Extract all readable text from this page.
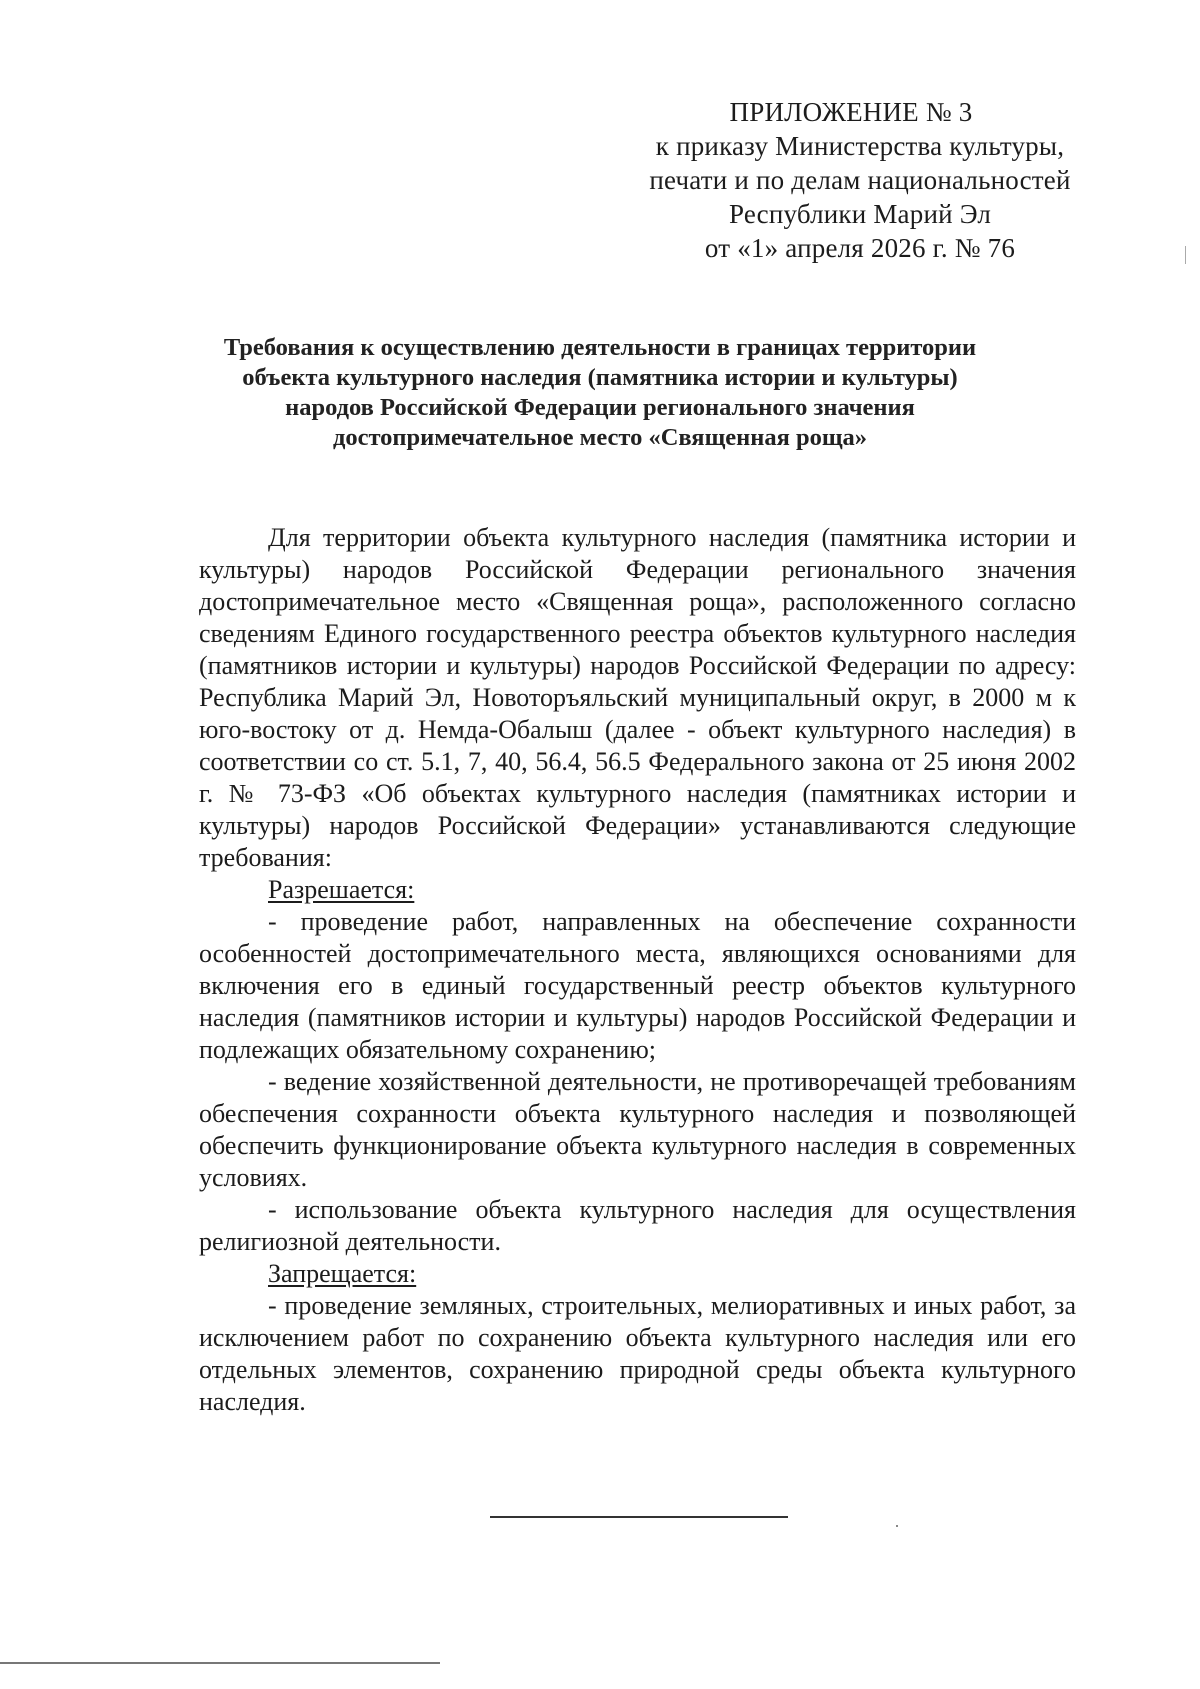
ПРИЛОЖЕНИЕ № 3
к приказу Министерства культуры,
печати и по делам национальностей
Республики Марий Эл
от «1» апреля 2026 г. № 76
Требования к осуществлению деятельности в границах территории
объекта культурного наследия (памятника истории и культуры)
народов Российской Федерации регионального значения
достопримечательное место «Священная роща»

Для территории объекта культурного наследия (памятника истории и культуры) народов Российской Федерации регионального значения достопримечательное место «Священная роща», расположенного согласно сведениям Единого государственного реестра объектов культурного наследия (памятников истории и культуры) народов Российской Федерации по адресу: Республика Марий Эл, Новоторъяльский муниципальный округ, в 2000 м к юго-востоку от д. Немда-Обалыш (далее - объект культурного наследия) в соответствии со ст. 5.1, 7, 40, 56.4, 56.5 Федерального закона от 25 июня 2002 г. № 73-ФЗ «Об объектах культурного наследия (памятниках истории и культуры) народов Российской Федерации» устанавливаются следующие требования:

Разрешается:

- проведение работ, направленных на обеспечение сохранности особенностей достопримечательного места, являющихся основаниями для включения его в единый государственный реестр объектов культурного наследия (памятников истории и культуры) народов Российской Федерации и подлежащих обязательному сохранению;

- ведение хозяйственной деятельности, не противоречащей требованиям обеспечения сохранности объекта культурного наследия и позволяющей обеспечить функционирование объекта культурного наследия в современных условиях.

- использование объекта культурного наследия для осуществления религиозной деятельности.

Запрещается:

- проведение земляных, строительных, мелиоративных и иных работ, за исключением работ по сохранению объекта культурного наследия или его отдельных элементов, сохранению природной среды объекта культурного наследия.
